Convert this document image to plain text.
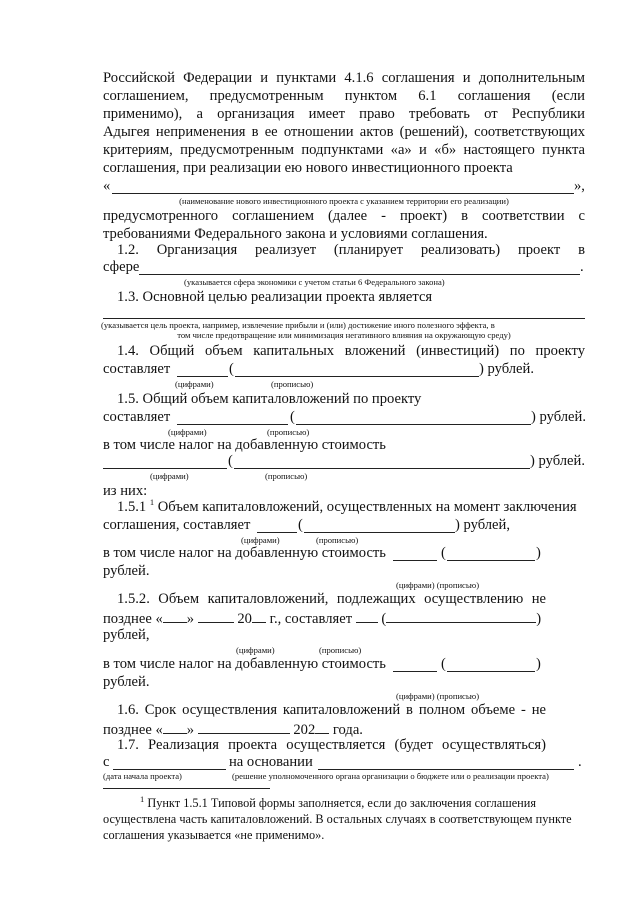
Российской Федерации и пунктами 4.1.6 соглашения и дополнительным
соглашением, предусмотренным пунктом 6.1 соглашения (если
применимо), а организация имеет право требовать от Республики
Адыгея неприменения в ее отношении актов (решений), соответствующих
критериям, предусмотренным подпунктами «а» и «б» настоящего пункта
соглашения, при реализации ею нового инвестиционного проекта
«	»,
(наименование нового инвестиционного проекта с указанием территории его реализации)
предусмотренного соглашением (далее - проект) в соответствии с
требованиями Федерального закона и условиями соглашения.
1.2. Организация реализует (планирует реализовать) проект в
сфере	.
(указывается сфера экономики с учетом статьи 6 Федерального закона)
1.3. Основной целью реализации проекта является
(указывается цель проекта, например, извлечение прибыли и (или) достижение иного полезного эффекта, в
том числе предотвращение или минимизация негативного влияния на окружающую среду)
1.4. Общий объем капитальных вложений (инвестиций) по проекту
составляет	(	) рублей.
(цифрами)	(прописью)
1.5. Общий объем капиталовложений по проекту
составляет	(	) рублей.
(цифрами)	(прописью)
в том числе налог на добавленную стоимость
(	) рублей.
(цифрами)	(прописью)
из них:
1.5.1 $^1$ Объем капиталовложений, осуществленных на момент заключения
соглашения, составляет	(	) рублей,
(цифрами)	(прописью)
в том числе налог на добавленную стоимость	(	)
рублей.
(цифрами) (прописью)
1.5.2. Объем капиталовложений, подлежащих осуществлению не
позднее « »	20 г., составляет (	)
рублей,
(цифрами)	(прописью)
в том числе налог на добавленную стоимость	(	)
рублей.
(цифрами) (прописью)
1.6. Срок осуществления капиталовложений в полном объеме - не
позднее « »	202 года.
1.7. Реализация проекта осуществляется (будет осуществляться)
с	на основании	.
(дата начала проекта)	(решение уполномоченного органа организации о бюджете или о реализации проекта)
$^1$ Пункт 1.5.1 Типовой формы заполняется, если до заключения соглашения
осуществлена часть капиталовложений. В остальных случаях в соответствующем пункте
соглашения указывается «не применимо».
